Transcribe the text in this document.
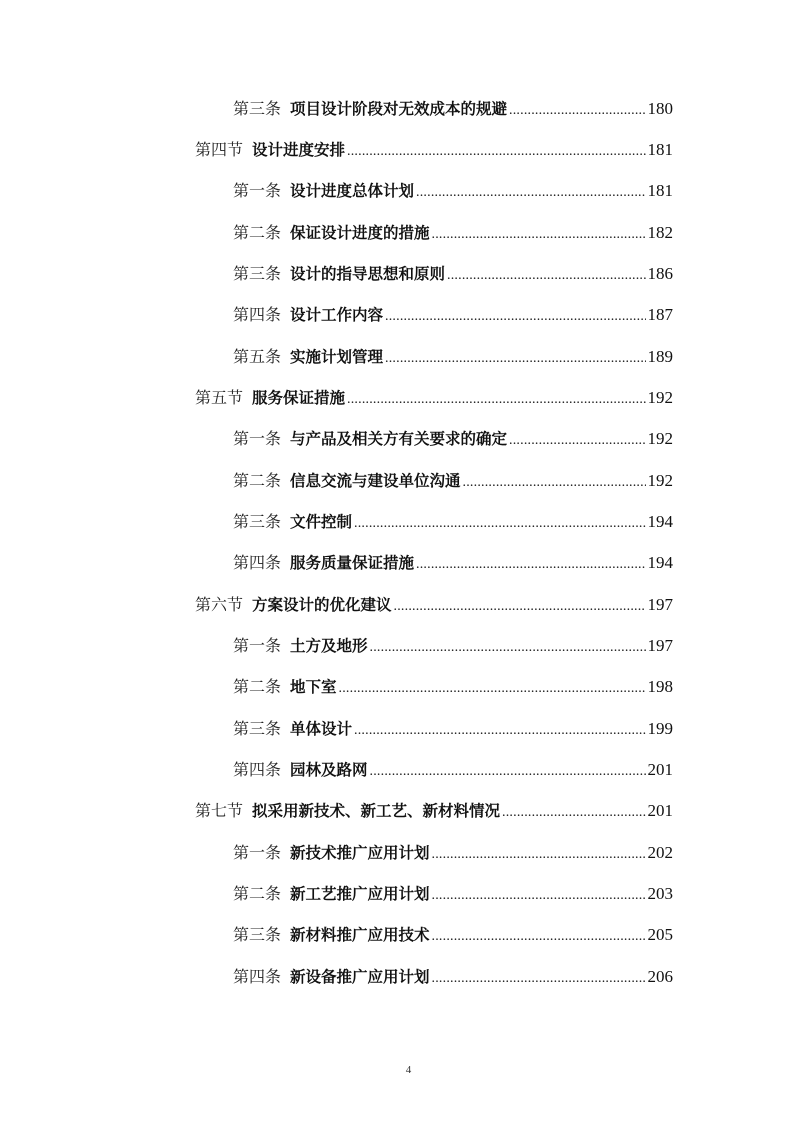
第三条 项目设计阶段对无效成本的规避 .....	180
第四节 设计进度安排 .....	181
第一条 设计进度总体计划 .....	181
第二条 保证设计进度的措施 .....	182
第三条 设计的指导思想和原则 .....	186
第四条 设计工作内容 .....	187
第五条 实施计划管理 .....	189
第五节 服务保证措施 .....	192
第一条 与产品及相关方有关要求的确定 .....	192
第二条 信息交流与建设单位沟通 .....	192
第三条 文件控制 .....	194
第四条 服务质量保证措施 .....	194
第六节 方案设计的优化建议 .....	197
第一条 土方及地形 .....	197
第二条 地下室 .....	198
第三条 单体设计 .....	199
第四条 园林及路网 .....	201
第七节 拟采用新技术、新工艺、新材料情况 .....	201
第一条 新技术推广应用计划 .....	202
第二条 新工艺推广应用计划 .....	203
第三条 新材料推广应用技术 .....	205
第四条 新设备推广应用计划 .....	206
4
